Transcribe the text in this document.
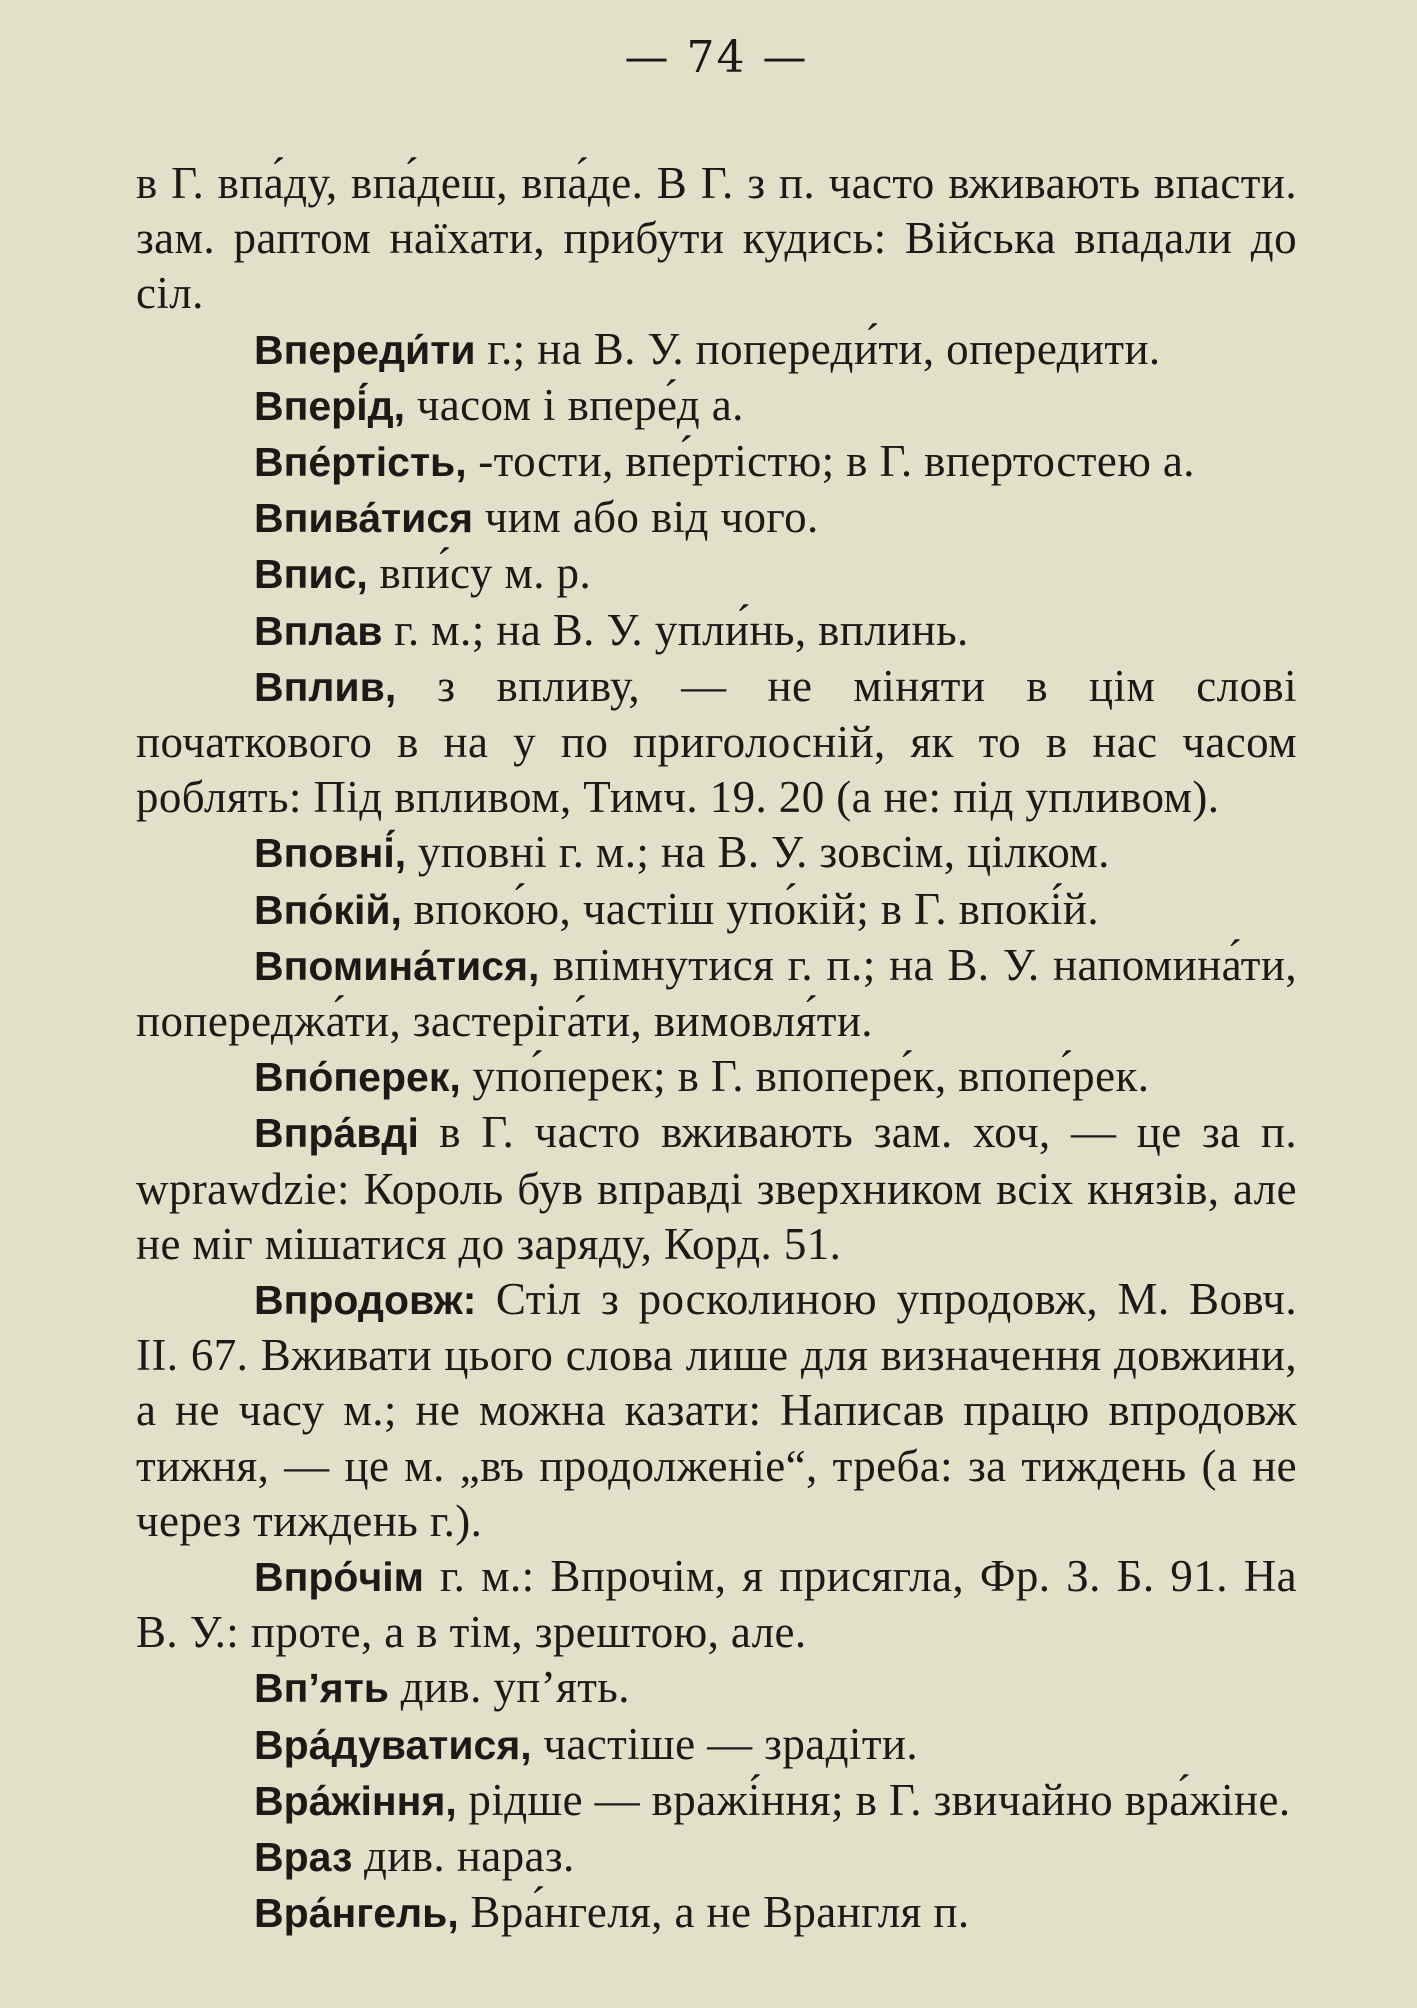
— 74 —

в Г. впа́ду, впа́деш, впа́де. В Г. з п. часто вживають впасти. зам. раптом наїхати, прибути кудись: Війська впадали до сіл.

Впереди́ти г.; на В. У. попереди́ти, опередити.

Впері́д, часом і впере́д а.

Впе́ртість, -тости, впе́ртістю; в Г. впертостею а.

Впива́тися чим або від чого.

Впис, впи́су м. р.

Вплав г. м.; на В. У. упли́нь, вплинь.

Вплив, з впливу, — не міняти в цім слові початкового в на у по приголосній, як то в нас часом роблять: Під впливом, Тимч. 19. 20 (а не: під упливом).

Вповні́, уповні г. м.; на В. У. зовсім, цілком.

Впо́кій, впоко́ю, частіш упо́кій; в Г. впокі́й.

Впомина́тися, впімнутися г. п.; на В. У. напомина́ти, попереджа́ти, застеріга́ти, вимовля́ти.

Впо́перек, упо́перек; в Г. впопере́к, впопе́рек.

Впра́вді в Г. часто вживають зам. хоч, — це за п. wprawdzie: Король був вправді зверхником всіх князів, але не міг мішатися до заряду, Корд. 51.

Впродовж: Стіл з росколиною упродовж, М. Вовч. II. 67. Вживати цього слова лише для визначення довжини, а не часу м.; не можна казати: Написав працю впродовж тижня, — це м. „въ продолженіе“, треба: за тиждень (а не через тиждень г.).

Впро́чім г. м.: Впрочім, я присягла, Фр. З. Б. 91. На В. У.: проте, а в тім, зрештою, але.

Вп’ять див. уп’ять.

Вра́дуватися, частіше — зрадіти.

Вра́жіння, рідше — вражі́ння; в Г. звичайно вра́жіне.

Враз див. нараз.

Вра́нгель, Вра́нгеля, а не Врангля п.
